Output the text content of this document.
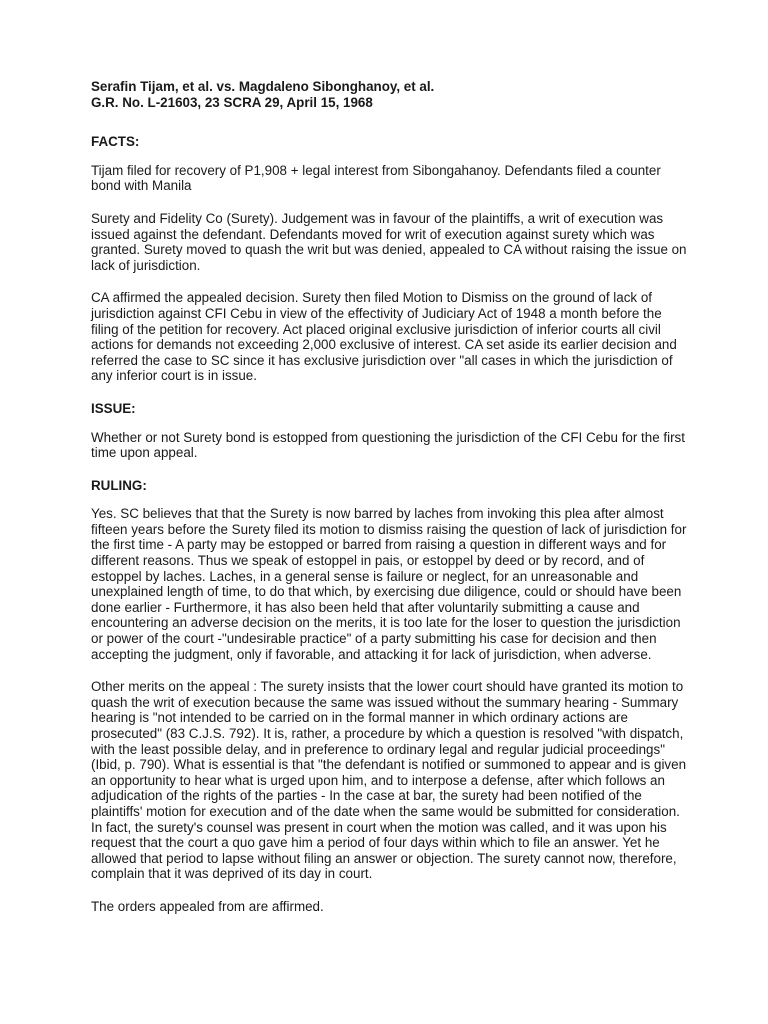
Serafin Tijam, et al. vs. Magdaleno Sibonghanoy, et al.
G.R. No. L-21603, 23 SCRA 29, April 15, 1968
FACTS:

Tijam filed for recovery of P1,908 + legal interest from Sibongahanoy. Defendants filed a counter bond with Manila

Surety and Fidelity Co (Surety). Judgement was in favour of the plaintiffs, a writ of execution was issued against the defendant. Defendants moved for writ of execution against surety which was granted. Surety moved to quash the writ but was denied, appealed to CA without raising the issue on lack of jurisdiction.

CA affirmed the appealed decision. Surety then filed Motion to Dismiss on the ground of lack of jurisdiction against CFI Cebu in view of the effectivity of Judiciary Act of 1948 a month before the filing of the petition for recovery. Act placed original exclusive jurisdiction of inferior courts all civil actions for demands not exceeding 2,000 exclusive of interest. CA set aside its earlier decision and referred the case to SC since it has exclusive jurisdiction over "all cases in which the jurisdiction of any inferior court is in issue.

ISSUE:

Whether or not Surety bond is estopped from questioning the jurisdiction of the CFI Cebu for the first time upon appeal.

RULING:

Yes. SC believes that that the Surety is now barred by laches from invoking this plea after almost fifteen years before the Surety filed its motion to dismiss raising the question of lack of jurisdiction for the first time - A party may be estopped or barred from raising a question in different ways and for different reasons. Thus we speak of estoppel in pais, or estoppel by deed or by record, and of estoppel by laches. Laches, in a general sense is failure or neglect, for an unreasonable and unexplained length of time, to do that which, by exercising due diligence, could or should have been done earlier - Furthermore, it has also been held that after voluntarily submitting a cause and encountering an adverse decision on the merits, it is too late for the loser to question the jurisdiction or power of the court -"undesirable practice" of a party submitting his case for decision and then accepting the judgment, only if favorable, and attacking it for lack of jurisdiction, when adverse.

Other merits on the appeal : The surety insists that the lower court should have granted its motion to quash the writ of execution because the same was issued without the summary hearing - Summary hearing is "not intended to be carried on in the formal manner in which ordinary actions are prosecuted" (83 C.J.S. 792). It is, rather, a procedure by which a question is resolved "with dispatch, with the least possible delay, and in preference to ordinary legal and regular judicial proceedings" (Ibid, p. 790). What is essential is that "the defendant is notified or summoned to appear and is given an opportunity to hear what is urged upon him, and to interpose a defense, after which follows an adjudication of the rights of the parties - In the case at bar, the surety had been notified of the plaintiffs' motion for execution and of the date when the same would be submitted for consideration. In fact, the surety's counsel was present in court when the motion was called, and it was upon his request that the court a quo gave him a period of four days within which to file an answer. Yet he allowed that period to lapse without filing an answer or objection. The surety cannot now, therefore, complain that it was deprived of its day in court.

The orders appealed from are affirmed.
